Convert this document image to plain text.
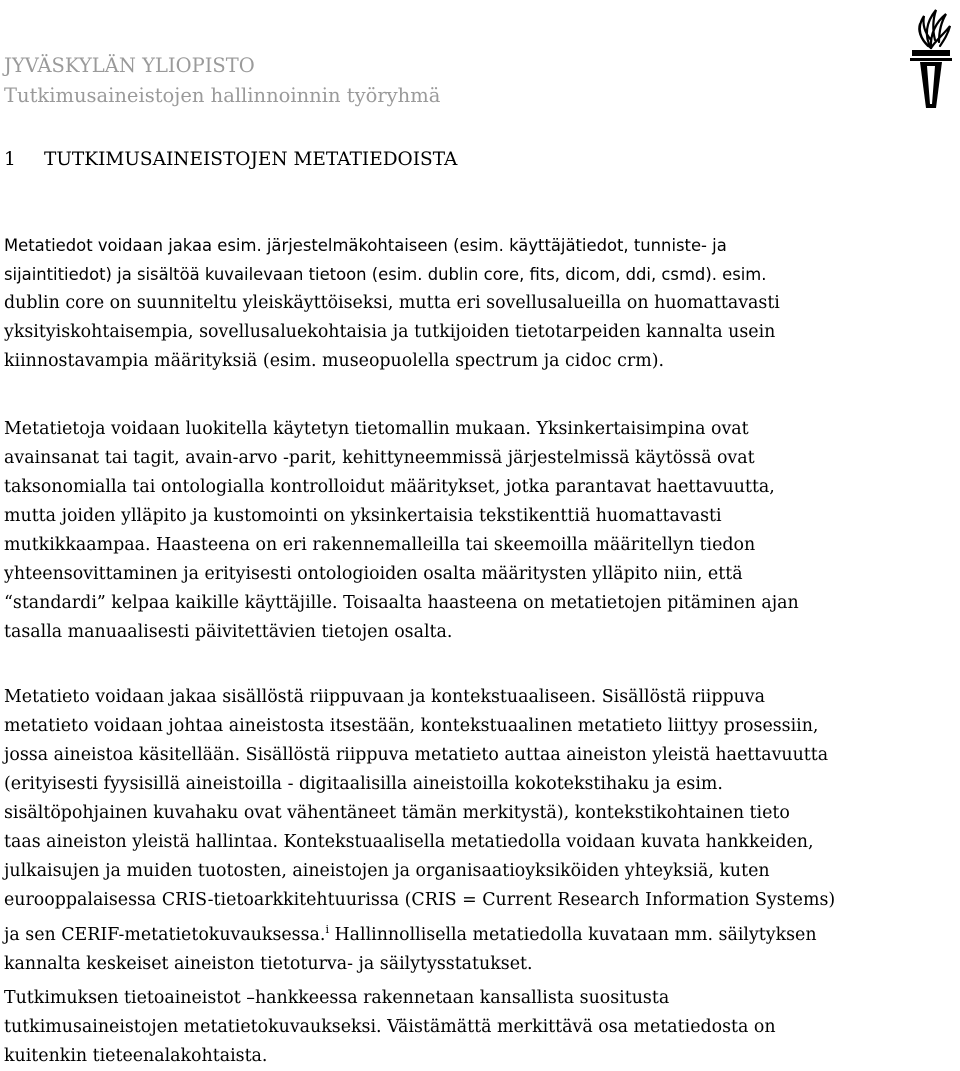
JYVÄSKYLÄN YLIOPISTO
Tutkimusaineistojen hallinnoinnin työryhmä
1 TUTKIMUSAINEISTOJEN METATIEDOISTA
Metatiedot voidaan jakaa esim. järjestelmäkohtaiseen (esim. käyttäjätiedot, tunniste- ja
sijaintitiedot) ja sisältöä kuvailevaan tietoon (esim. dublin core, fits, dicom, ddi, csmd). esim.
dublin core on suunniteltu yleiskäyttöiseksi, mutta eri sovellusalueilla on huomattavasti
yksityiskohtaisempia, sovellusaluekohtaisia ja tutkijoiden tietotarpeiden kannalta usein
kiinnostavampia määrityksiä (esim. museopuolella spectrum ja cidoc crm).
Metatietoja voidaan luokitella käytetyn tietomallin mukaan. Yksinkertaisimpina ovat
avainsanat tai tagit, avain-arvo -parit, kehittyneemmissä järjestelmissä käytössä ovat
taksonomialla tai ontologialla kontrolloidut määritykset, jotka parantavat haettavuutta,
mutta joiden ylläpito ja kustomointi on yksinkertaisia tekstikenttiä huomattavasti
mutkikkaampaa. Haasteena on eri rakennemalleilla tai skeemoilla määritellyn tiedon
yhteensovittaminen ja erityisesti ontologioiden osalta määritysten ylläpito niin, että
“standardi” kelpaa kaikille käyttäjille. Toisaalta haasteena on metatietojen pitäminen ajan
tasalla manuaalisesti päivitettävien tietojen osalta.
Metatieto voidaan jakaa sisällöstä riippuvaan ja kontekstuaaliseen. Sisällöstä riippuva
metatieto voidaan johtaa aineistosta itsestään, kontekstuaalinen metatieto liittyy prosessiin,
jossa aineistoa käsitellään. Sisällöstä riippuva metatieto auttaa aineiston yleistä haettavuutta
(erityisesti fyysisillä aineistoilla - digitaalisilla aineistoilla kokotekstihaku ja esim.
sisältöpohjainen kuvahaku ovat vähentäneet tämän merkitystä), kontekstikohtainen tieto
taas aineiston yleistä hallintaa. Kontekstuaalisella metatiedolla voidaan kuvata hankkeiden,
julkaisujen ja muiden tuotosten, aineistojen ja organisaatioyksiköiden yhteyksiä, kuten
eurooppalaisessa CRIS-tietoarkkitehtuurissa (CRIS = Current Research Information Systems)
ja sen CERIF-metatietokuvauksessa.$^i$ Hallinnollisella metatiedolla kuvataan mm. säilytyksen
kannalta keskeiset aineiston tietoturva- ja säilytysstatukset.
Tutkimuksen tietoaineistot –hankkeessa rakennetaan kansallista suositusta
tutkimusaineistojen metatietokuvaukseksi. Väistämättä merkittävä osa metatiedosta on
kuitenkin tieteenalakohtaista.
